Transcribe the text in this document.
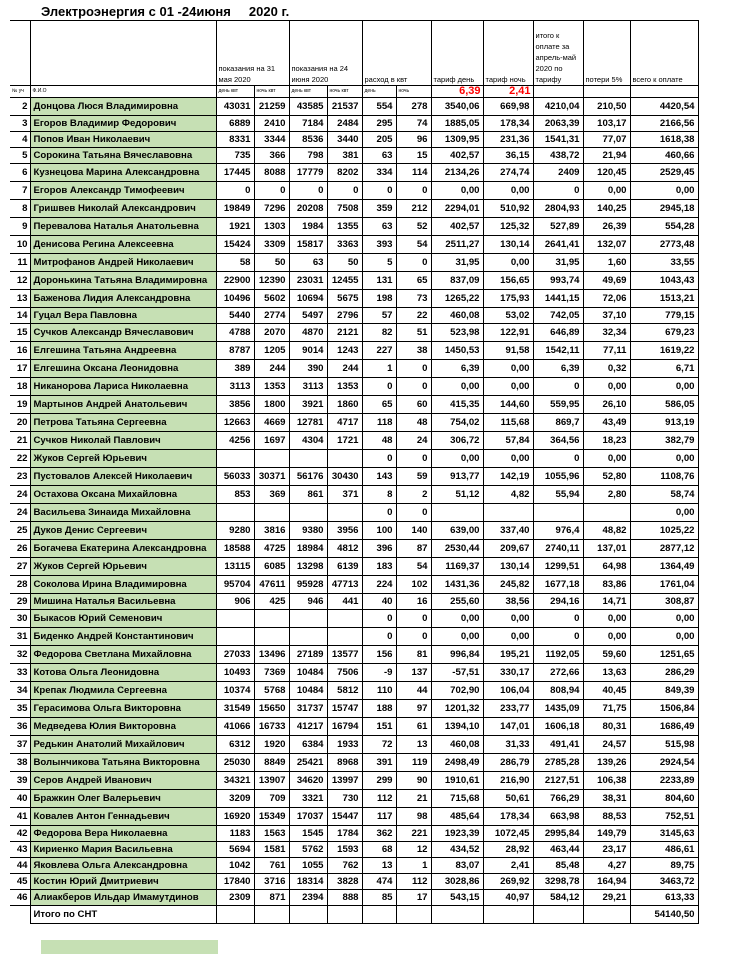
Электроэнергия с 01 -24июня     2020 г.
		показания на 31 мая 2020		показания на 24 июня 2020		расход в квт		тариф день	тариф ночь	итого к оплате за апрель-май 2020 по тарифу	потери 5%	всего к оплате
№ уч	Ф.И.О	день квт	ночь квт	день квт	ночь квт	день	ночь	6,39	2,41			
2	Донцова Люся Владимировна	43031	21259	43585	21537	554	278	3540,06	669,98	4210,04	210,50	4420,54
3	Егоров Владимир Федорович	6889	2410	7184	2484	295	74	1885,05	178,34	2063,39	103,17	2166,56
4	Попов Иван Николаевич	8331	3344	8536	3440	205	96	1309,95	231,36	1541,31	77,07	1618,38
5	Сорокина Татьяна Вячеславовна	735	366	798	381	63	15	402,57	36,15	438,72	21,94	460,66
6	Кузнецова Марина Александровна	17445	8088	17779	8202	334	114	2134,26	274,74	2409	120,45	2529,45
7	Егоров Александр Тимофеевич	0	0	0	0	0	0	0,00	0,00	0	0,00	0,00
8	Гришвев Николай Александрович	19849	7296	20208	7508	359	212	2294,01	510,92	2804,93	140,25	2945,18
9	Перевалова Наталья Анатольевна	1921	1303	1984	1355	63	52	402,57	125,32	527,89	26,39	554,28
10	Денисова Регина Алексеевна	15424	3309	15817	3363	393	54	2511,27	130,14	2641,41	132,07	2773,48
11	Митрофанов Андрей Николаевич	58	50	63	50	5	0	31,95	0,00	31,95	1,60	33,55
12	Доронькина Татьяна Владимировна	22900	12390	23031	12455	131	65	837,09	156,65	993,74	49,69	1043,43
13	Баженова Лидия Александровна	10496	5602	10694	5675	198	73	1265,22	175,93	1441,15	72,06	1513,21
14	Гуцал Вера Павловна	5440	2774	5497	2796	57	22	460,08	53,02	742,05	37,10	779,15
15	Сучков Александр Вячеславович	4788	2070	4870	2121	82	51	523,98	122,91	646,89	32,34	679,23
16	Елгешина Татьяна Андреевна	8787	1205	9014	1243	227	38	1450,53	91,58	1542,11	77,11	1619,22
17	Елгешина Оксана Леонидовна	389	244	390	244	1	0	6,39	0,00	6,39	0,32	6,71
18	Никанорова Лариса Николаевна	3113	1353	3113	1353	0	0	0,00	0,00	0	0,00	0,00
19	Мартынов Андрей Анатольевич	3856	1800	3921	1860	65	60	415,35	144,60	559,95	26,10	586,05
20	Петрова Татьяна Сергеевна	12663	4669	12781	4717	118	48	754,02	115,68	869,7	43,49	913,19
21	Сучков Николай Павлович	4256	1697	4304	1721	48	24	306,72	57,84	364,56	18,23	382,79
22	Жуков Сергей Юрьевич					0	0	0,00	0,00	0	0,00	0,00
23	Пустовалов Алексей Николаевич	56033	30371	56176	30430	143	59	913,77	142,19	1055,96	52,80	1108,76
24	Остахова Оксана Михайловна	853	369	861	371	8	2	51,12	4,82	55,94	2,80	58,74
24	Васильева Зинаида Михайловна					0	0					0,00
25	Дуков Денис Сергеевич	9280	3816	9380	3956	100	140	639,00	337,40	976,4	48,82	1025,22
26	Богачева Екатерина Александровна	18588	4725	18984	4812	396	87	2530,44	209,67	2740,11	137,01	2877,12
27	Жуков Сергей Юрьевич	13115	6085	13298	6139	183	54	1169,37	130,14	1299,51	64,98	1364,49
28	Соколова Ирина Владимировна	95704	47611	95928	47713	224	102	1431,36	245,82	1677,18	83,86	1761,04
29	Мишина Наталья Васильевна	906	425	946	441	40	16	255,60	38,56	294,16	14,71	308,87
30	Быкасов Юрий Семенович					0	0	0,00	0,00	0	0,00	0,00
31	Биденко Андрей Константинович					0	0	0,00	0,00	0	0,00	0,00
32	Федорова Светлана Михайловна	27033	13496	27189	13577	156	81	996,84	195,21	1192,05	59,60	1251,65
33	Котова Ольга Леонидовна	10493	7369	10484	7506	-9	137	-57,51	330,17	272,66	13,63	286,29
34	Крепак Людмила Сергеевна	10374	5768	10484	5812	110	44	702,90	106,04	808,94	40,45	849,39
35	Герасимова Ольга Викторовна	31549	15650	31737	15747	188	97	1201,32	233,77	1435,09	71,75	1506,84
36	Медведева Юлия Викторовна	41066	16733	41217	16794	151	61	1394,10	147,01	1606,18	80,31	1686,49
37	Редькин Анатолий Михайлович	6312	1920	6384	1933	72	13	460,08	31,33	491,41	24,57	515,98
38	Волынчикова Татьяна Викторовна	25030	8849	25421	8968	391	119	2498,49	286,79	2785,28	139,26	2924,54
39	Серов Андрей Иванович	34321	13907	34620	13997	299	90	1910,61	216,90	2127,51	106,38	2233,89
40	Бражкин Олег Валерьевич	3209	709	3321	730	112	21	715,68	50,61	766,29	38,31	804,60
41	Ковалев Антон Геннадьевич	16920	15349	17037	15447	117	98	485,64	178,34	663,98	88,53	752,51
42	Федорова Вера Николаевна	1183	1563	1545	1784	362	221	1923,39	1072,45	2995,84	149,79	3145,63
43	Кириенко Мария Васильевна	5694	1581	5762	1593	68	12	434,52	28,92	463,44	23,17	486,61
44	Яковлева Ольга Александровна	1042	761	1055	762	13	1	83,07	2,41	85,48	4,27	89,75
45	Костин Юрий Дмитриевич	17840	3716	18314	3828	474	112	3028,86	269,92	3298,78	164,94	3463,72
46	Алиакберов Ильдар Имамутдинов	2309	871	2394	888	85	17	543,15	40,97	584,12	29,21	613,33
	Итого по СНТ											54140,50
